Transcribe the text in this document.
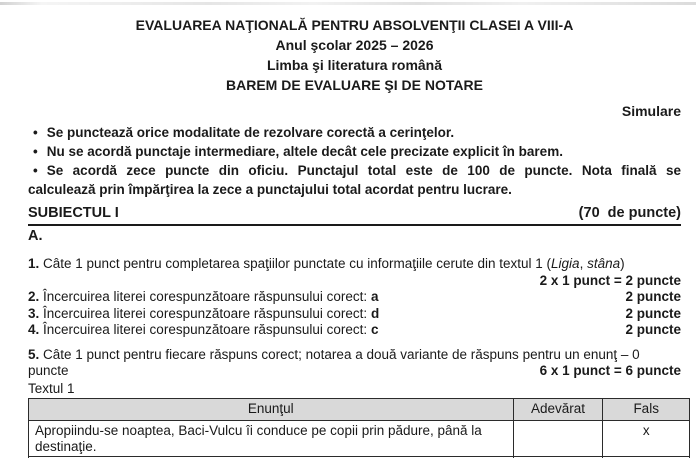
EVALUAREA NAŢIONALĂ PENTRU ABSOLVENŢII CLASEI A VIII-A
Anul şcolar 2025 – 2026
Limba şi literatura română
BAREM DE EVALUARE ŞI DE NOTARE
Simulare
• Se punctează orice modalitate de rezolvare corectă a cerinţelor.
• Nu se acordă punctaje intermediare, altele decât cele precizate explicit în barem.
• Se acordă zece puncte din oficiu. Punctajul total este de 100 de puncte. Nota finală se
calculează prin împărţirea la zece a punctajului total acordat pentru lucrare.
SUBIECTUL I	(70  de puncte)
A.
1. Câte 1 punct pentru completarea spaţiilor punctate cu informaţiile cerute din textul 1 (Ligia, stâna)
2 x 1 punct = 2 puncte
2. Încercuirea literei corespunzătoare răspunsului corect: a	2 puncte
3. Încercuirea literei corespunzătoare răspunsului corect: d	2 puncte
4. Încercuirea literei corespunzătoare răspunsului corect: c	2 puncte
5. Câte 1 punct pentru fiecare răspuns corect; notarea a două variante de răspuns pentru un enunţ – 0
puncte	6 x 1 punct = 6 puncte
Textul 1
Enunţul	Adevărat	Fals
Apropiindu-se noaptea, Baci-Vulcu îi conduce pe copii prin pădure, până la destinaţie.		x
